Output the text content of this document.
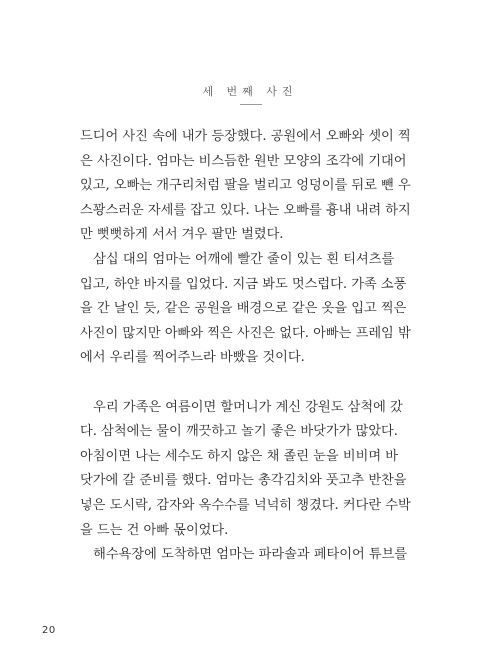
세 번째 사진
드디어 사진 속에 내가 등장했다. 공원에서 오빠와 셋이 찍
은 사진이다. 엄마는 비스듬한 원반 모양의 조각에 기대어
있고, 오빠는 개구리처럼 팔을 벌리고 엉덩이를 뒤로 뺀 우
스꽝스러운 자세를 잡고 있다. 나는 오빠를 흉내 내려 하지
만 뻣뻣하게 서서 겨우 팔만 벌렸다.
　삼십 대의 엄마는 어깨에 빨간 줄이 있는 흰 티셔츠를
입고, 하얀 바지를 입었다. 지금 봐도 멋스럽다. 가족 소풍
을 간 날인 듯, 같은 공원을 배경으로 같은 옷을 입고 찍은
사진이 많지만 아빠와 찍은 사진은 없다. 아빠는 프레임 밖
에서 우리를 찍어주느라 바빴을 것이다.
　우리 가족은 여름이면 할머니가 계신 강원도 삼척에 갔
다. 삼척에는 물이 깨끗하고 놀기 좋은 바닷가가 많았다.
아침이면 나는 세수도 하지 않은 채 졸린 눈을 비비며 바
닷가에 갈 준비를 했다. 엄마는 총각김치와 풋고추 반찬을
넣은 도시락, 감자와 옥수수를 넉넉히 챙겼다. 커다란 수박
을 드는 건 아빠 몫이었다.
　해수욕장에 도착하면 엄마는 파라솔과 페타이어 튜브를
20
